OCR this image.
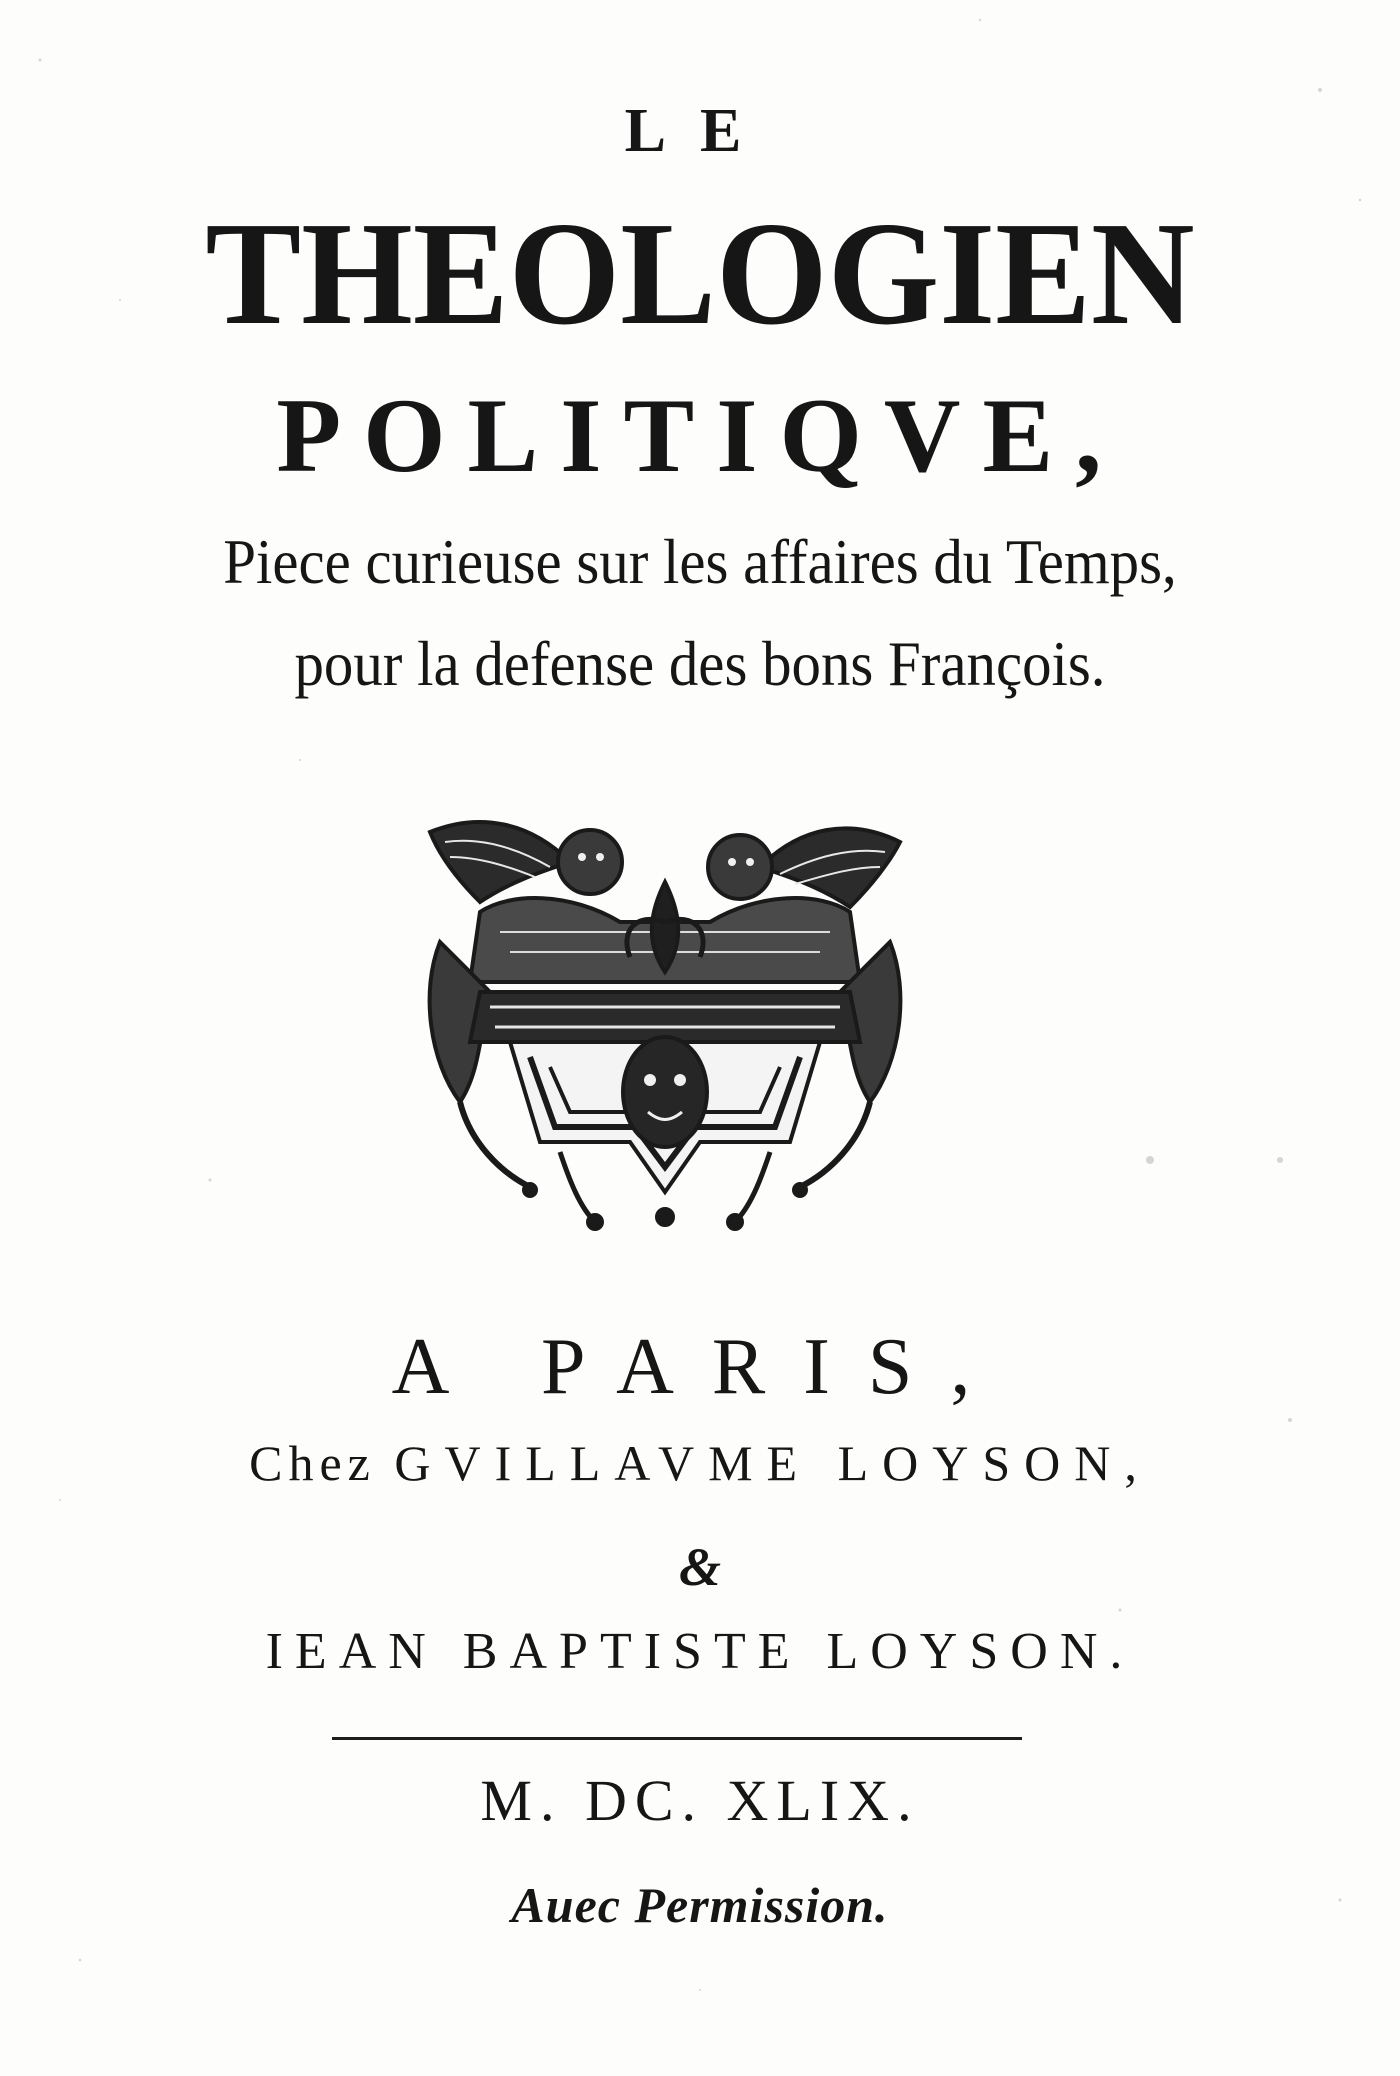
LE
THEOLOGIEN
POLITIQVE,
Piece curieuse sur les affaires du Temps,
pour la defense des bons François.
A PARIS,
Chez GVILLAVME LOYSON,
&
IEAN BAPTISTE LOYSON.
M. DC. XLIX.
Auec Permission.
